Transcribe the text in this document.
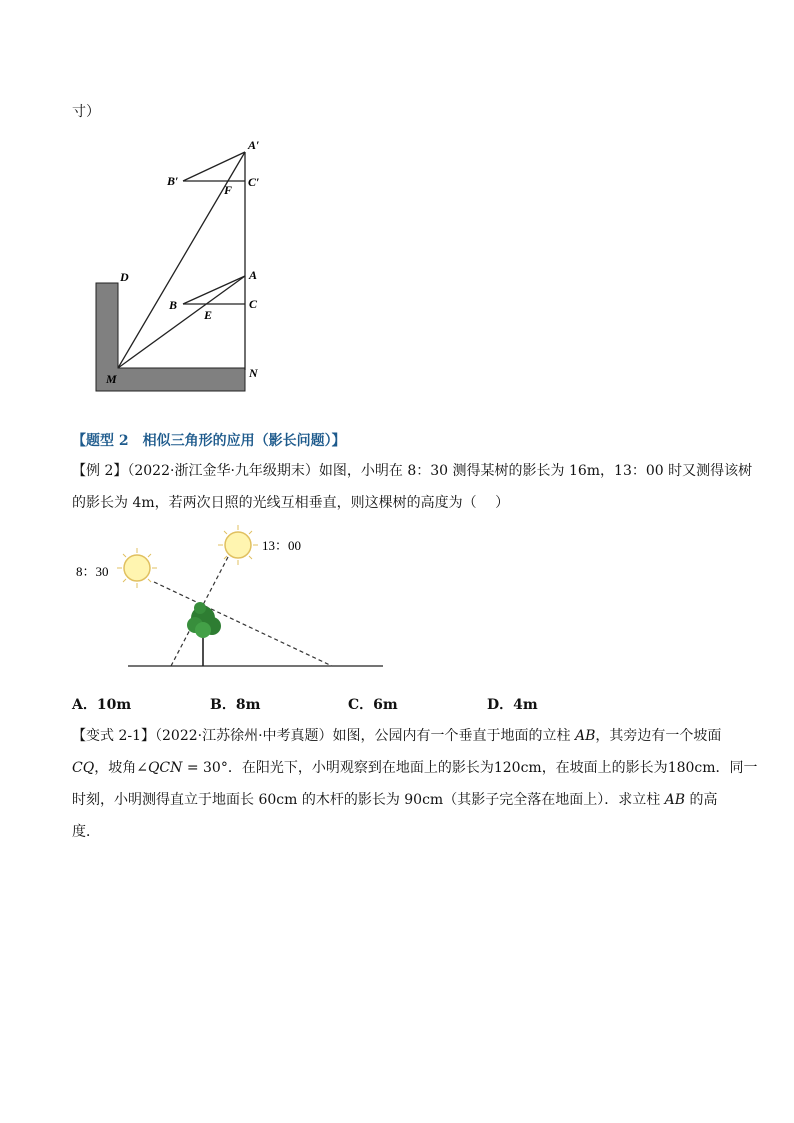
寸）
A′
B′	C′
F
D	A
B	C
E
M	N
【题型 2　相似三角形的应用（影长问题）】
【例 2】（2022·浙江金华·九年级期末）如图，小明在 8：30 测得某树的影长为 16m，13：00 时又测得该树
的影长为 4m，若两次日照的光线互相垂直，则这棵树的高度为（　 ）
8：30
13：00
A．10m	B．8m	C．6m	D．4m
【变式 2-1】（2022·江苏徐州·中考真题）如图，公园内有一个垂直于地面的立柱 AB，其旁边有一个坡面
CQ，坡角∠QCN = 30°．在阳光下，小明观察到在地面上的影长为120cm，在坡面上的影长为180cm．同一
时刻，小明测得直立于地面长 60cm 的木杆的影长为 90cm（其影子完全落在地面上）．求立柱 AB 的高
度．
